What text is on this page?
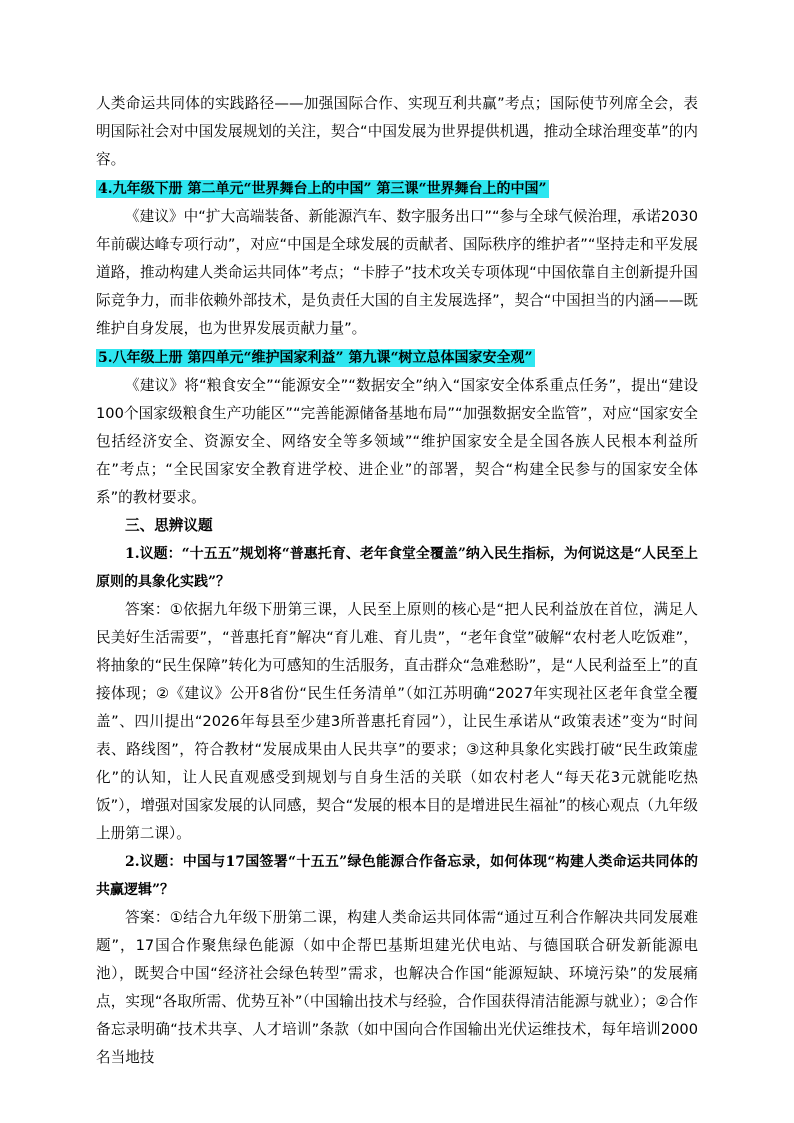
人类命运共同体的实践路径——加强国际合作、实现互利共赢”考点；国际使节列席全会，表明国际社会对中国发展规划的关注，契合“中国发展为世界提供机遇，推动全球治理变革”的内容。

4.九年级下册 第二单元“世界舞台上的中国” 第三课“世界舞台上的中国”

《建议》中“扩大高端装备、新能源汽车、数字服务出口”“参与全球气候治理，承诺2030年前碳达峰专项行动”，对应“中国是全球发展的贡献者、国际秩序的维护者”“坚持走和平发展道路，推动构建人类命运共同体”考点；“卡脖子”技术攻关专项体现“中国依靠自主创新提升国际竞争力，而非依赖外部技术，是负责任大国的自主发展选择”，契合“中国担当的内涵——既维护自身发展，也为世界发展贡献力量”。

5.八年级上册 第四单元“维护国家利益” 第九课“树立总体国家安全观”

《建议》将“粮食安全”“能源安全”“数据安全”纳入“国家安全体系重点任务”，提出“建设100个国家级粮食生产功能区”“完善能源储备基地布局”“加强数据安全监管”，对应“国家安全包括经济安全、资源安全、网络安全等多领域”“维护国家安全是全国各族人民根本利益所在”考点；“全民国家安全教育进学校、进企业”的部署，契合“构建全民参与的国家安全体系”的教材要求。

三、思辨议题

1.议题：“十五五”规划将“普惠托育、老年食堂全覆盖”纳入民生指标，为何说这是“人民至上原则的具象化实践”？

答案：①依据九年级下册第三课，人民至上原则的核心是“把人民利益放在首位，满足人民美好生活需要”，“普惠托育”解决“育儿难、育儿贵”，“老年食堂”破解“农村老人吃饭难”，将抽象的“民生保障”转化为可感知的生活服务，直击群众“急难愁盼”，是“人民利益至上”的直接体现；②《建议》公开8省份“民生任务清单”（如江苏明确“2027年实现社区老年食堂全覆盖”、四川提出“2026年每县至少建3所普惠托育园”），让民生承诺从“政策表述”变为“时间表、路线图”，符合教材“发展成果由人民共享”的要求；③这种具象化实践打破“民生政策虚化”的认知，让人民直观感受到规划与自身生活的关联（如农村老人“每天花3元就能吃热饭”），增强对国家发展的认同感，契合“发展的根本目的是增进民生福祉”的核心观点（九年级上册第二课）。

2.议题：中国与17国签署“十五五”绿色能源合作备忘录，如何体现“构建人类命运共同体的共赢逻辑”？

答案：①结合九年级下册第二课，构建人类命运共同体需“通过互利合作解决共同发展难题”，17国合作聚焦绿色能源（如中企帮巴基斯坦建光伏电站、与德国联合研发新能源电池），既契合中国“经济社会绿色转型”需求，也解决合作国“能源短缺、环境污染”的发展痛点，实现“各取所需、优势互补”（中国输出技术与经验，合作国获得清洁能源与就业）；②合作备忘录明确“技术共享、人才培训”条款（如中国向合作国输出光伏运维技术，每年培训2000名当地技
